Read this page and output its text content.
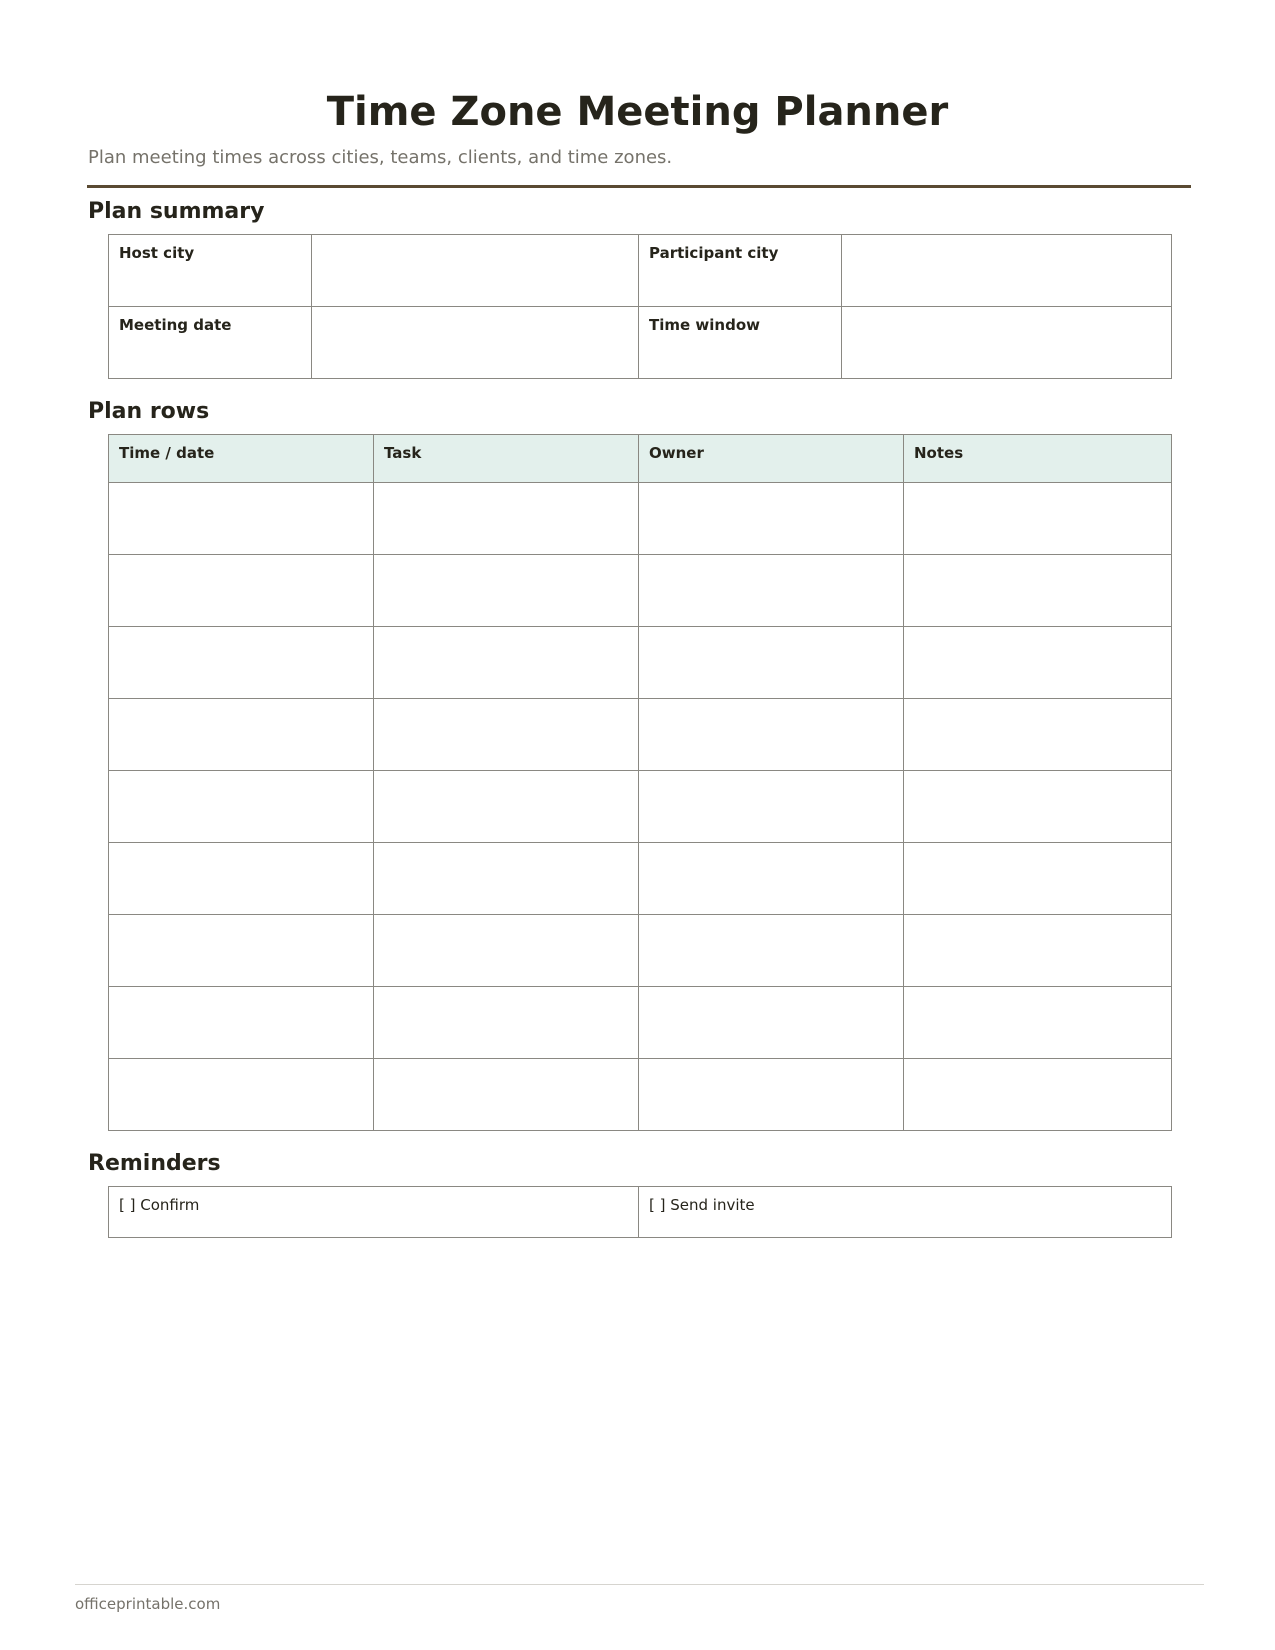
Time Zone Meeting Planner
Plan meeting times across cities, teams, clients, and time zones.
Plan summary
Host city		Participant city	
Meeting date		Time window	
Plan rows
Time / date	Task	Owner	Notes

Reminders
[ ] Confirm	[ ] Send invite
officeprintable.com
